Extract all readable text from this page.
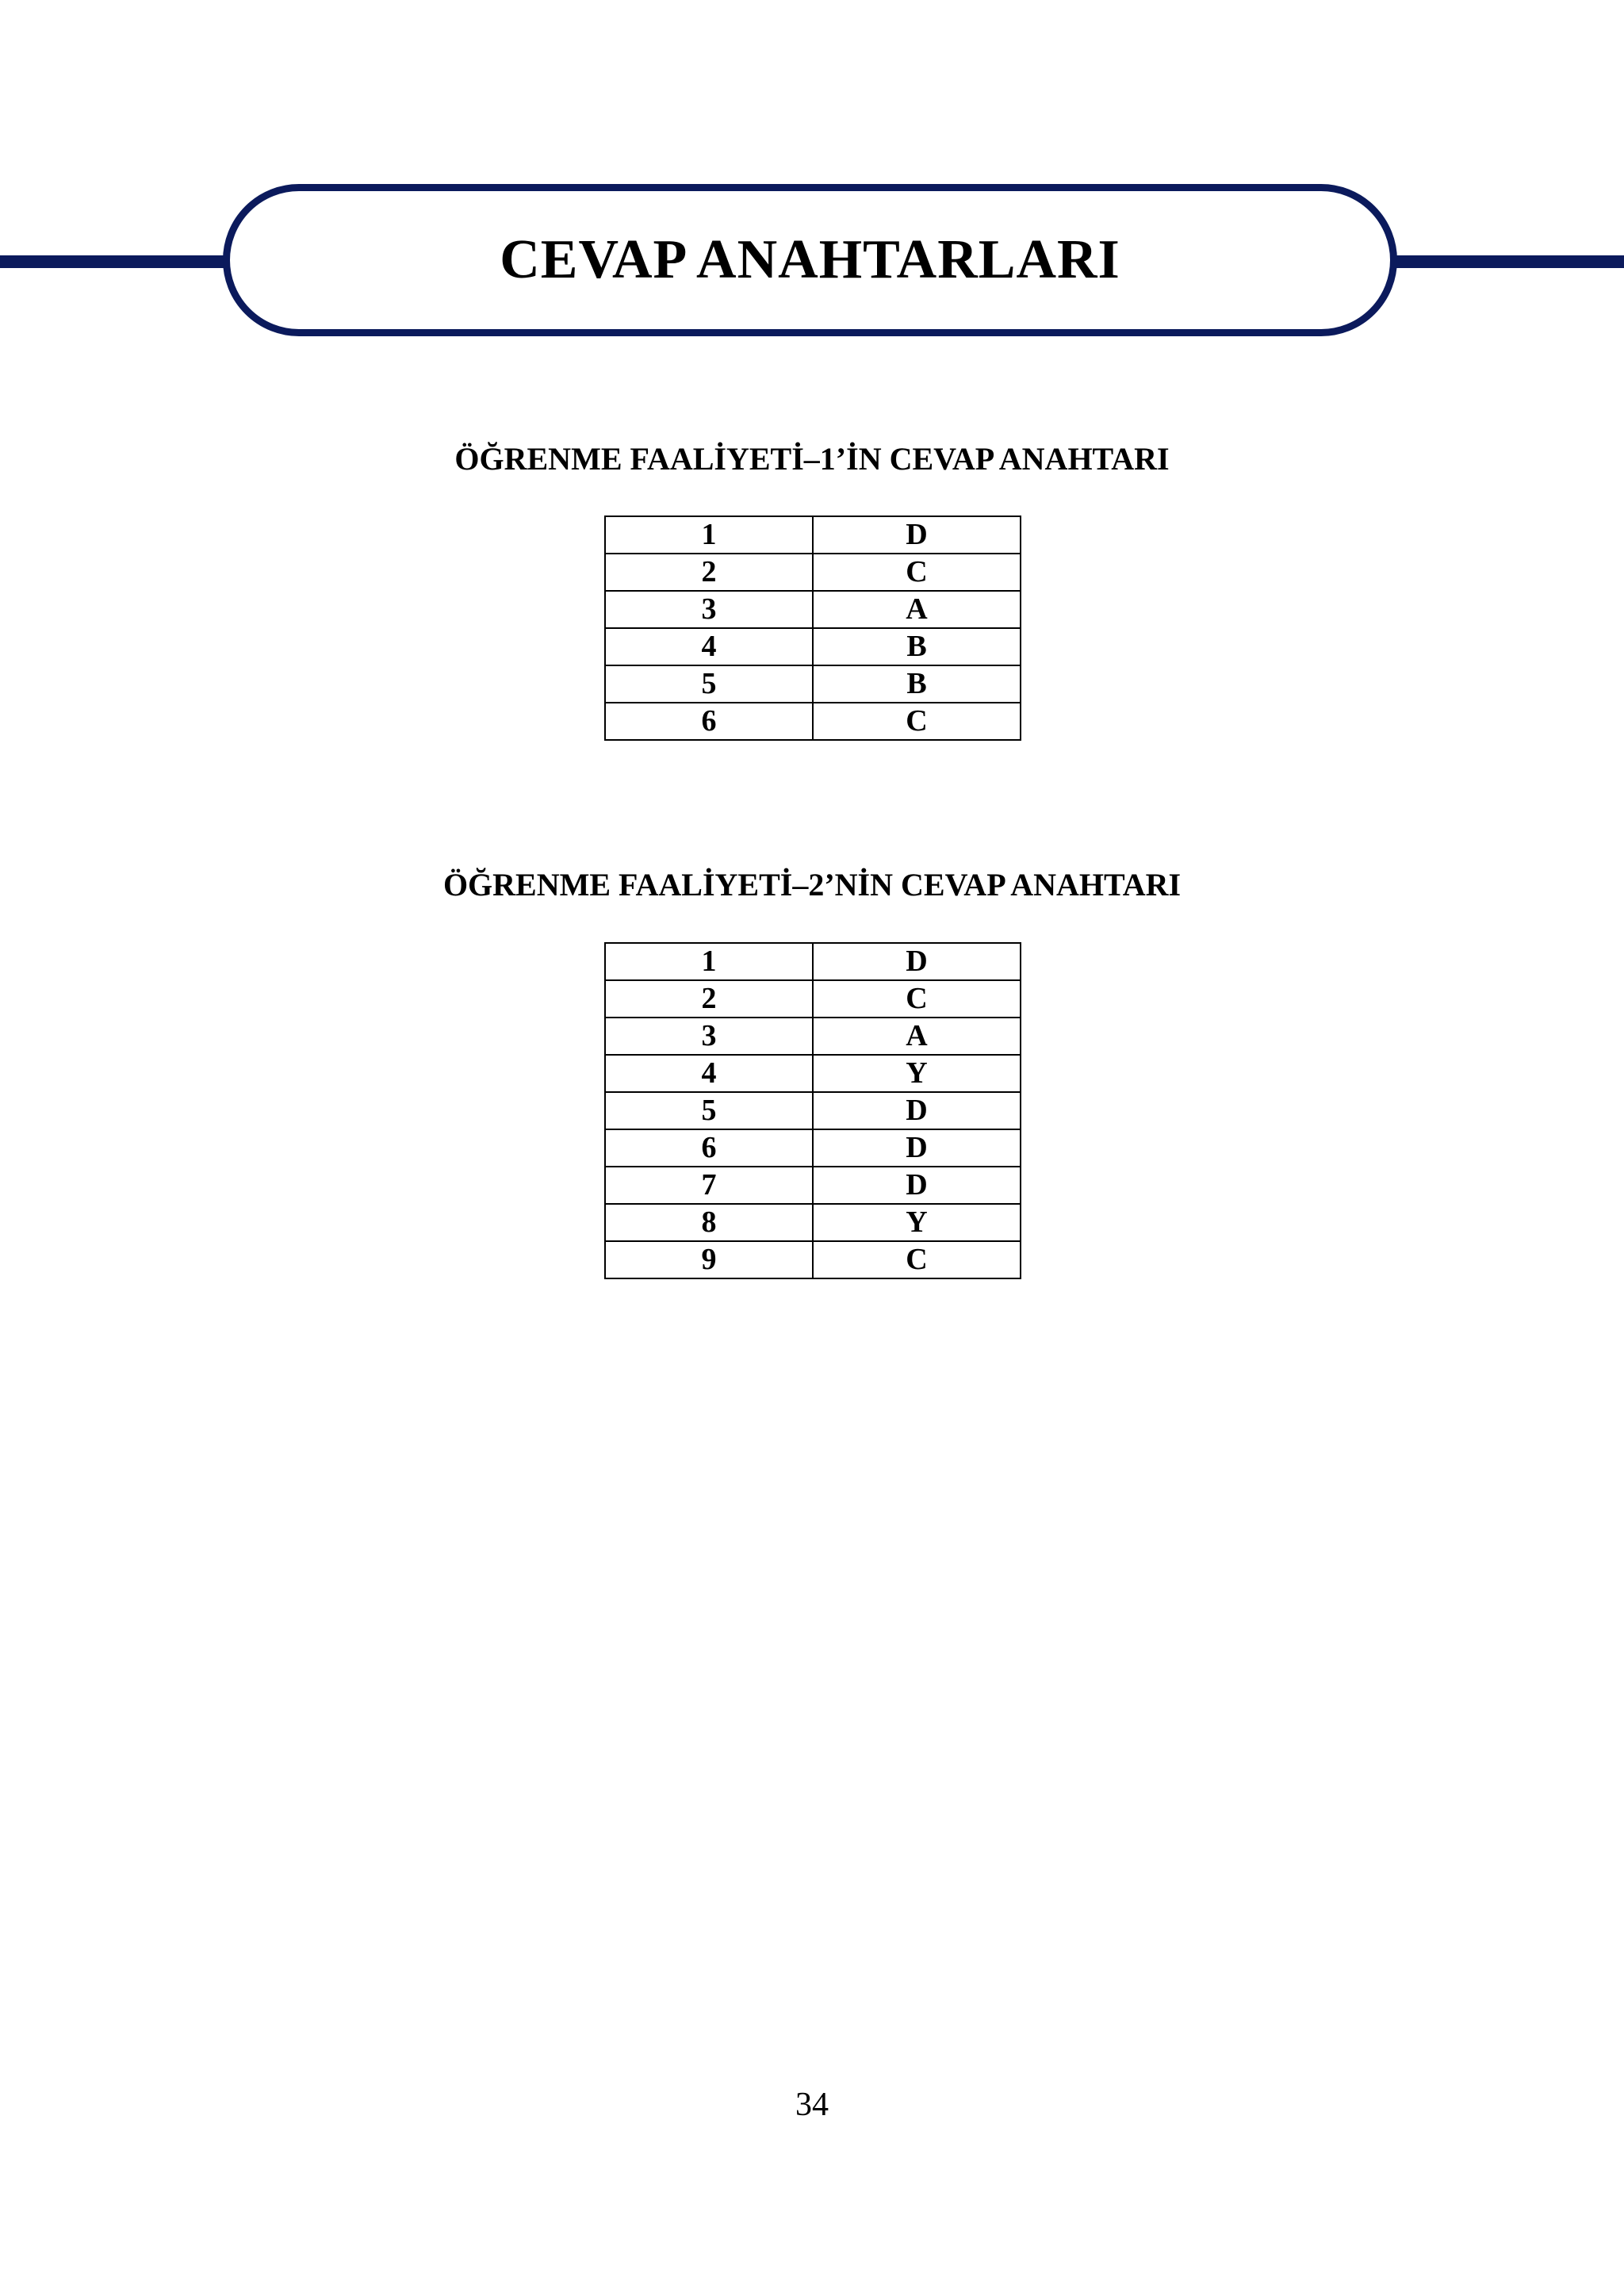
CEVAP ANAHTARLARI
ÖĞRENME FAALİYETİ–1’İN CEVAP ANAHTARI
1	D
2	C
3	A
4	B
5	B
6	C
ÖĞRENME FAALİYETİ–2’NİN CEVAP ANAHTARI
1	D
2	C
3	A
4	Y
5	D
6	D
7	D
8	Y
9	C

34
